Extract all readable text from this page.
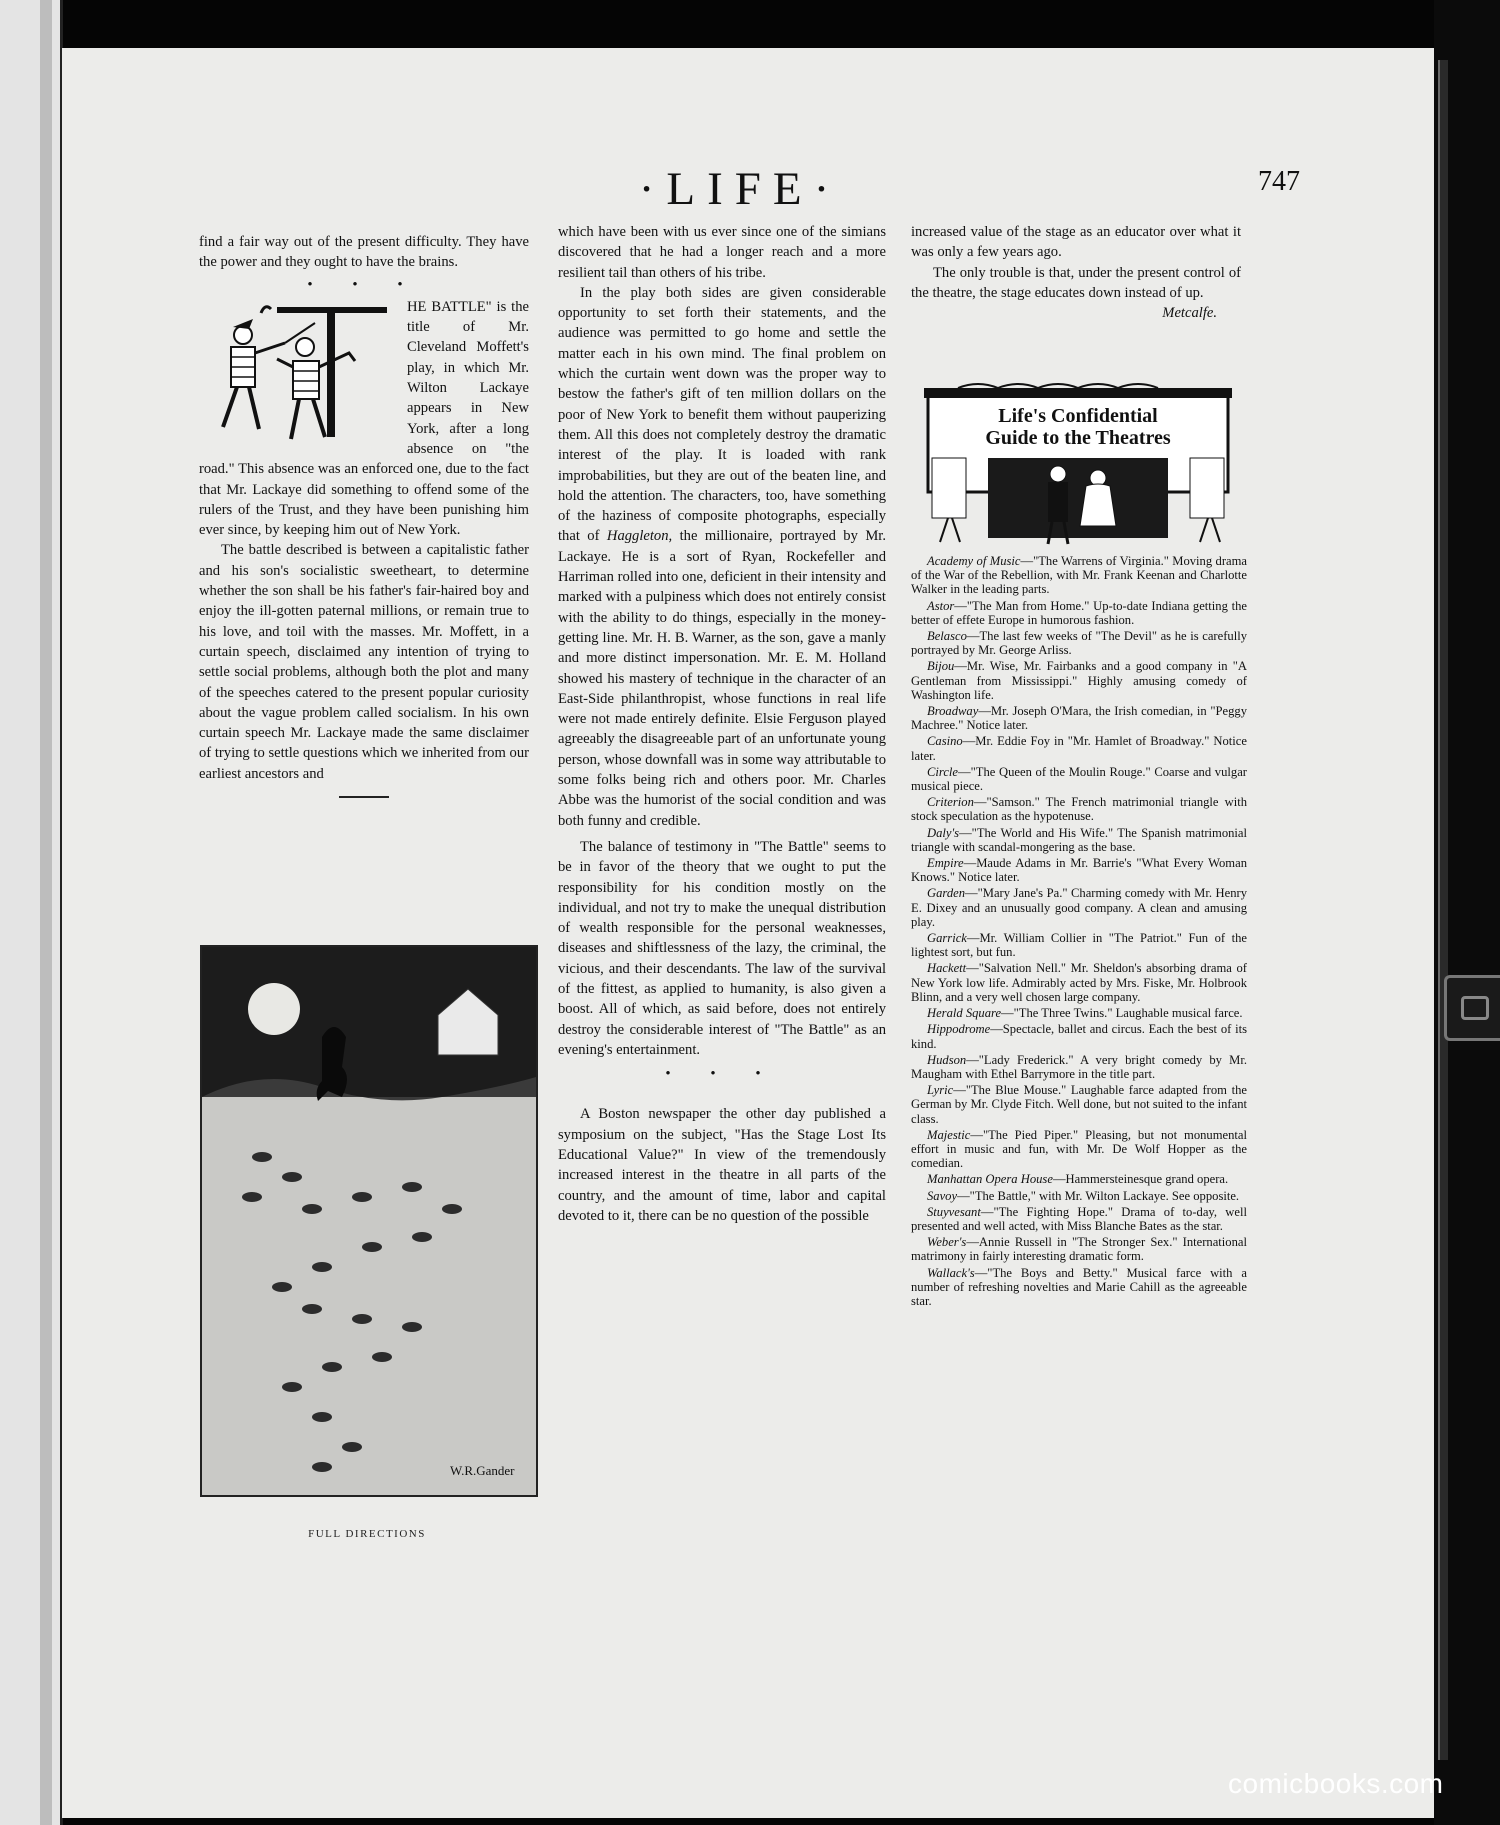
·LIFE·	747

find a fair way out of the present difficulty. They have the power and they ought to have the brains.

• • •

HE BATTLE" is the title of Mr. Cleveland Moffett's play, in which Mr. Wilton Lackaye appears in New York, after a long absence on "the road." This absence was an enforced one, due to the fact that Mr. Lackaye did something to offend some of the rulers of the Trust, and they have been punishing him ever since, by keeping him out of New York.

The battle described is between a capitalistic father and his son's socialistic sweetheart, to determine whether the son shall be his father's fair-haired boy and enjoy the ill-gotten paternal millions, or remain true to his love, and toil with the masses. Mr. Moffett, in a curtain speech, disclaimed any intention of trying to settle social problems, although both the plot and many of the speeches catered to the present popular curiosity about the vague problem called socialism. In his own curtain speech Mr. Lackaye made the same disclaimer of trying to settle questions which we inherited from our earliest ancestors and

W.R.Gander
FULL DIRECTIONS

which have been with us ever since one of the simians discovered that he had a longer reach and a more resilient tail than others of his tribe.

In the play both sides are given considerable opportunity to set forth their statements, and the audience was permitted to go home and settle the matter each in his own mind. The final problem on which the curtain went down was the proper way to bestow the father's gift of ten million dollars on the poor of New York to benefit them without pauperizing them. All this does not completely destroy the dramatic interest of the play. It is loaded with rank improbabilities, but they are out of the beaten line, and hold the attention. The characters, too, have something of the haziness of composite photographs, especially that of Haggleton, the millionaire, portrayed by Mr. Lackaye. He is a sort of Ryan, Rockefeller and Harriman rolled into one, deficient in their intensity and marked with a pulpiness which does not entirely consist with the ability to do things, especially in the money-getting line. Mr. H. B. Warner, as the son, gave a manly and more distinct impersonation. Mr. E. M. Holland showed his mastery of technique in the character of an East-Side philanthropist, whose functions in real life were not made entirely definite. Elsie Ferguson played agreeably the disagreeable part of an unfortunate young person, whose downfall was in some way attributable to some folks being rich and others poor. Mr. Charles Abbe was the humorist of the social condition and was both funny and credible.

The balance of testimony in "The Battle" seems to be in favor of the theory that we ought to put the responsibility for his condition mostly on the individual, and not try to make the unequal distribution of wealth responsible for the personal weaknesses, diseases and shiftlessness of the lazy, the criminal, the vicious, and their descendants. The law of the survival of the fittest, as applied to humanity, is also given a boost. All of which, as said before, does not entirely destroy the considerable interest of "The Battle" as an evening's entertainment.

• • •

A Boston newspaper the other day published a symposium on the subject, "Has the Stage Lost Its Educational Value?" In view of the tremendously increased interest in the theatre in all parts of the country, and the amount of time, labor and capital devoted to it, there can be no question of the possible

increased value of the stage as an educator over what it was only a few years ago.

The only trouble is that, under the present control of the theatre, the stage educates down instead of up.

Metcalfe.

Life's Confidential
Guide to the Theatres

Academy of Music—"The Warrens of Virginia." Moving drama of the War of the Rebellion, with Mr. Frank Keenan and Charlotte Walker in the leading parts.

Astor—"The Man from Home." Up-to-date Indiana getting the better of effete Europe in humorous fashion.

Belasco—The last few weeks of "The Devil" as he is carefully portrayed by Mr. George Arliss.

Bijou—Mr. Wise, Mr. Fairbanks and a good company in "A Gentleman from Mississippi." Highly amusing comedy of Washington life.

Broadway—Mr. Joseph O'Mara, the Irish comedian, in "Peggy Machree." Notice later.

Casino—Mr. Eddie Foy in "Mr. Hamlet of Broadway." Notice later.

Circle—"The Queen of the Moulin Rouge." Coarse and vulgar musical piece.

Criterion—"Samson." The French matrimonial triangle with stock speculation as the hypotenuse.

Daly's—"The World and His Wife." The Spanish matrimonial triangle with scandal-mongering as the base.

Empire—Maude Adams in Mr. Barrie's "What Every Woman Knows." Notice later.

Garden—"Mary Jane's Pa." Charming comedy with Mr. Henry E. Dixey and an unusually good company. A clean and amusing play.

Garrick—Mr. William Collier in "The Patriot." Fun of the lightest sort, but fun.

Hackett—"Salvation Nell." Mr. Sheldon's absorbing drama of New York low life. Admirably acted by Mrs. Fiske, Mr. Holbrook Blinn, and a very well chosen large company.

Herald Square—"The Three Twins." Laughable musical farce.

Hippodrome—Spectacle, ballet and circus. Each the best of its kind.

Hudson—"Lady Frederick." A very bright comedy by Mr. Maugham with Ethel Barrymore in the title part.

Lyric—"The Blue Mouse." Laughable farce adapted from the German by Mr. Clyde Fitch. Well done, but not suited to the infant class.

Majestic—"The Pied Piper." Pleasing, but not monumental effort in music and fun, with Mr. De Wolf Hopper as the comedian.

Manhattan Opera House—Hammersteinesque grand opera.

Savoy—"The Battle," with Mr. Wilton Lackaye. See opposite.

Stuyvesant—"The Fighting Hope." Drama of to-day, well presented and well acted, with Miss Blanche Bates as the star.

Weber's—Annie Russell in "The Stronger Sex." International matrimony in fairly interesting dramatic form.

Wallack's—"The Boys and Betty." Musical farce with a number of refreshing novelties and Marie Cahill as the agreeable star.

comicbooks.com
